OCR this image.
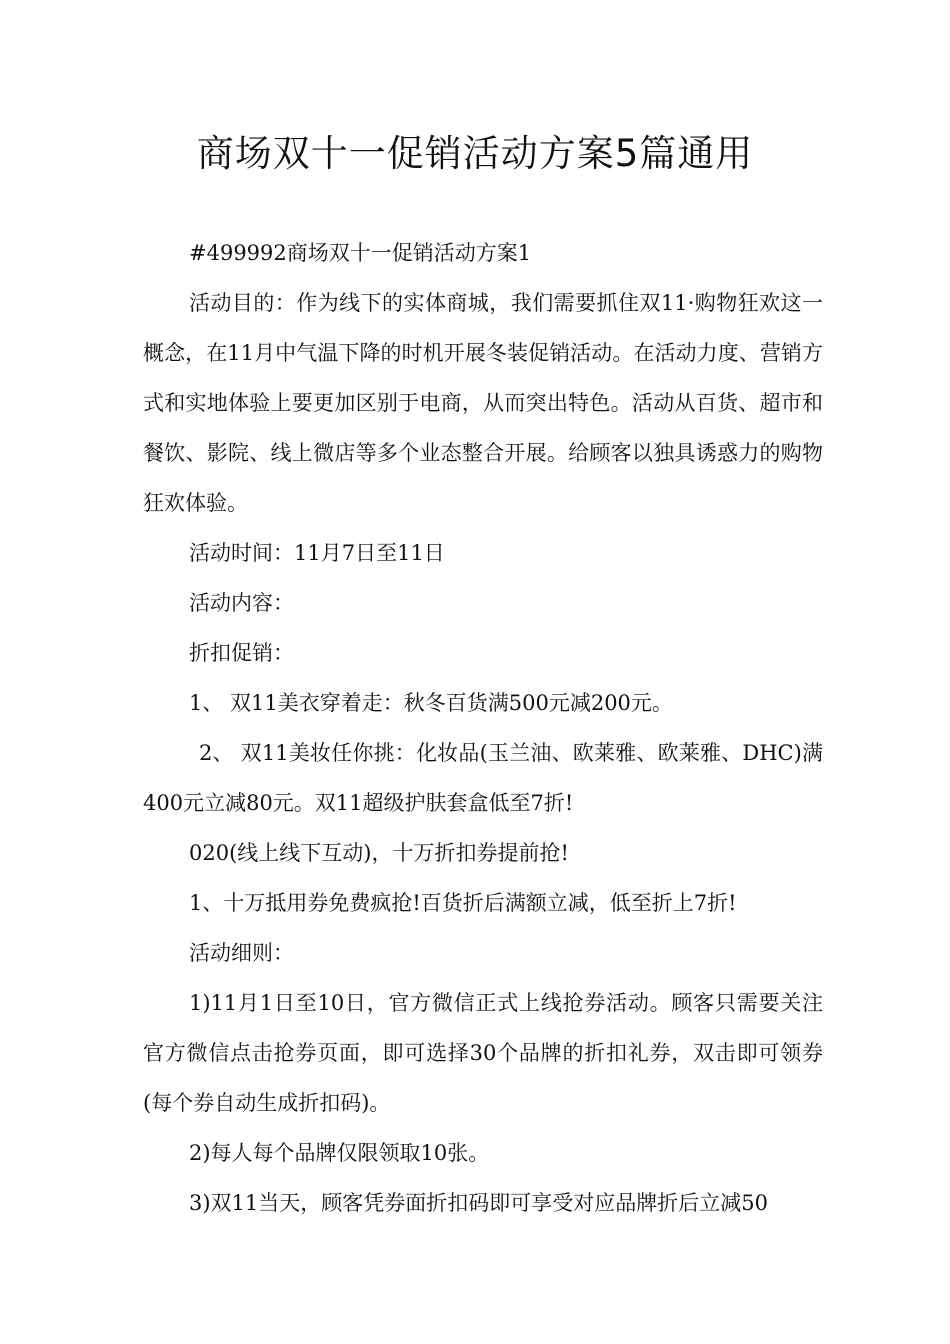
商场双十一促销活动方案5篇通用

#499992商场双十一促销活动方案1

活动目的：作为线下的实体商城，我们需要抓住双11·购物狂欢这一概念，在11月中气温下降的时机开展冬装促销活动。在活动力度、营销方式和实地体验上要更加区别于电商，从而突出特色。活动从百货、超市和餐饮、影院、线上微店等多个业态整合开展。给顾客以独具诱惑力的购物狂欢体验。

活动时间：11月7日至11日

活动内容：

折扣促销：

1、 双11美衣穿着走：秋冬百货满500元减200元。

2、 双11美妆任你挑：化妆品(玉兰油、欧莱雅、欧莱雅、DHC)满400元立减80元。双11超级护肤套盒低至7折!

020(线上线下互动)，十万折扣券提前抢!

1、十万抵用券免费疯抢!百货折后满额立减，低至折上7折!

活动细则：

1)11月1日至10日，官方微信正式上线抢券活动。顾客只需要关注官方微信点击抢券页面，即可选择30个品牌的折扣礼券，双击即可领券(每个券自动生成折扣码)。

2)每人每个品牌仅限领取10张。

3)双11当天，顾客凭券面折扣码即可享受对应品牌折后立减50
